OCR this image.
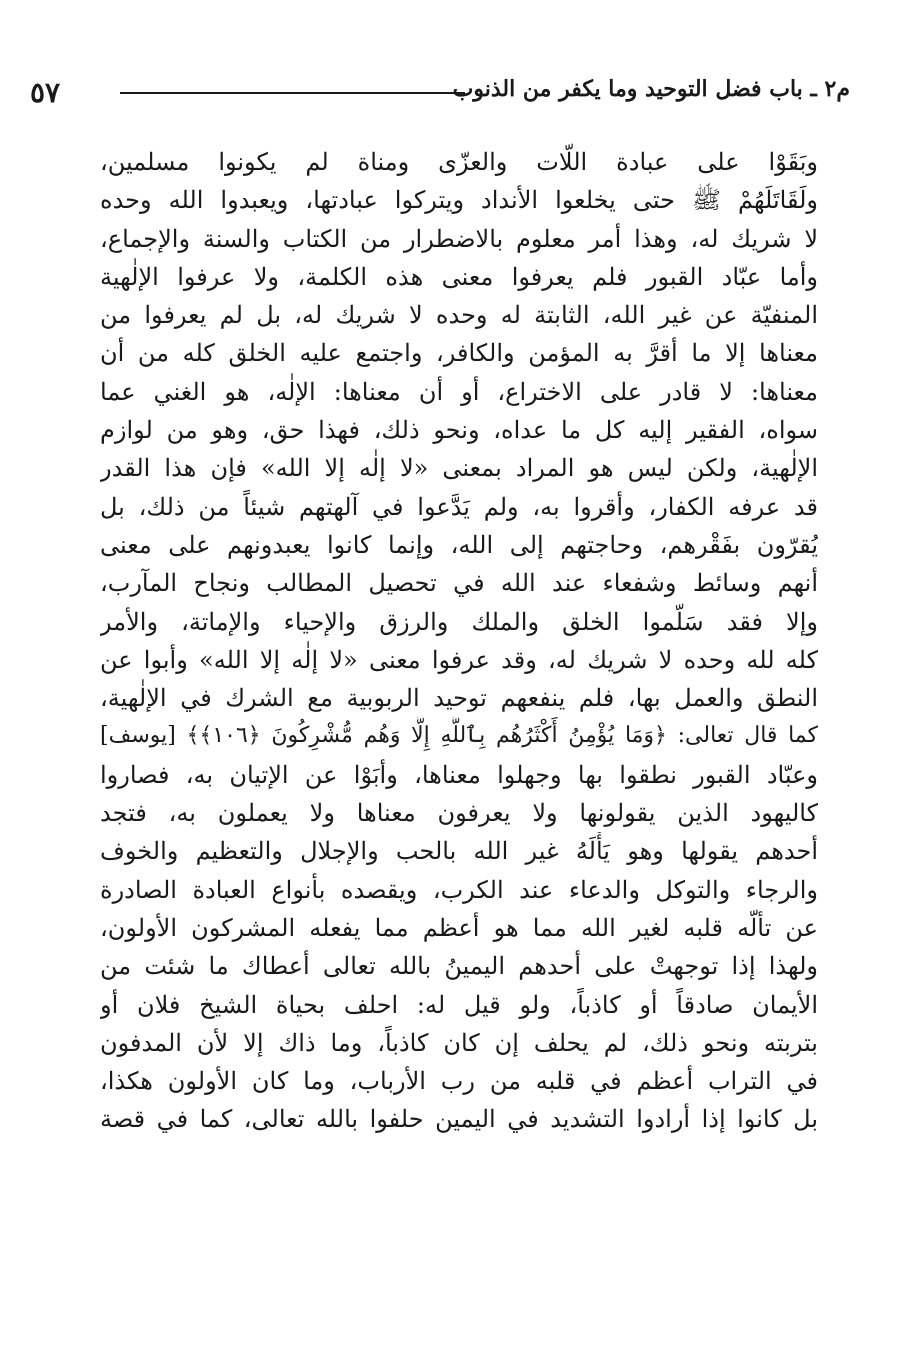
٥٧	م٢ ـ باب فضل التوحيد وما يكفر من الذنوب
وبَقَوْا على عبادة اللّات والعزّى ومناة لم يكونوا مسلمين،
ولَقَاتَلَهُمْ ﷺ حتى يخلعوا الأنداد ويتركوا عبادتها، ويعبدوا الله وحده
لا شريك له، وهذا أمر معلوم بالاضطرار من الكتاب والسنة والإجماع،
وأما عبّاد القبور فلم يعرفوا معنى هذه الكلمة، ولا عرفوا الإلٰهية
المنفيّة عن غير الله، الثابتة له وحده لا شريك له، بل لم يعرفوا من
معناها إلا ما أقرَّ به المؤمن والكافر، واجتمع عليه الخلق كله من أن
معناها: لا قادر على الاختراع، أو أن معناها: الإلٰه، هو الغني عما
سواه، الفقير إليه كل ما عداه، ونحو ذلك، فهذا حق، وهو من لوازم
الإلٰهية، ولكن ليس هو المراد بمعنى «لا إلٰه إلا الله» فإن هذا القدر
قد عرفه الكفار، وأقروا به، ولم يَدَّعوا في آلهتهم شيئاً من ذلك، بل
يُقرّون بفَقْرهم، وحاجتهم إلى الله، وإنما كانوا يعبدونهم على معنى
أنهم وسائط وشفعاء عند الله في تحصيل المطالب ونجاح المآرب،
وإلا فقد سَلّموا الخلق والملك والرزق والإحياء والإماتة، والأمر
كله لله وحده لا شريك له، وقد عرفوا معنى «لا إلٰه إلا الله» وأبوا عن
النطق والعمل بها، فلم ينفعهم توحيد الربوبية مع الشرك في الإلٰهية،
كما قال تعالى: ﴿وَمَا يُؤْمِنُ أَكْثَرُهُم بِٱللَّهِ إِلَّا وَهُم مُّشْرِكُونَ ﴿١٠٦﴾﴾ [يوسف]
وعبّاد القبور نطقوا بها وجهلوا معناها، وأبَوْا عن الإتيان به، فصاروا
كاليهود الذين يقولونها ولا يعرفون معناها ولا يعملون به، فتجد
أحدهم يقولها وهو يَأْلَهُ غير الله بالحب والإجلال والتعظيم والخوف
والرجاء والتوكل والدعاء عند الكرب، ويقصده بأنواع العبادة الصادرة
عن تألّه قلبه لغير الله مما هو أعظم مما يفعله المشركون الأولون،
ولهذا إذا توجهتْ على أحدهم اليمينُ بالله تعالى أعطاك ما شئت من
الأيمان صادقاً أو كاذباً، ولو قيل له: احلف بحياة الشيخ فلان أو
بتربته ونحو ذلك، لم يحلف إن كان كاذباً، وما ذاك إلا لأن المدفون
في التراب أعظم في قلبه من رب الأرباب، وما كان الأولون هكذا،
بل كانوا إذا أرادوا التشديد في اليمين حلفوا بالله تعالى، كما في قصة
